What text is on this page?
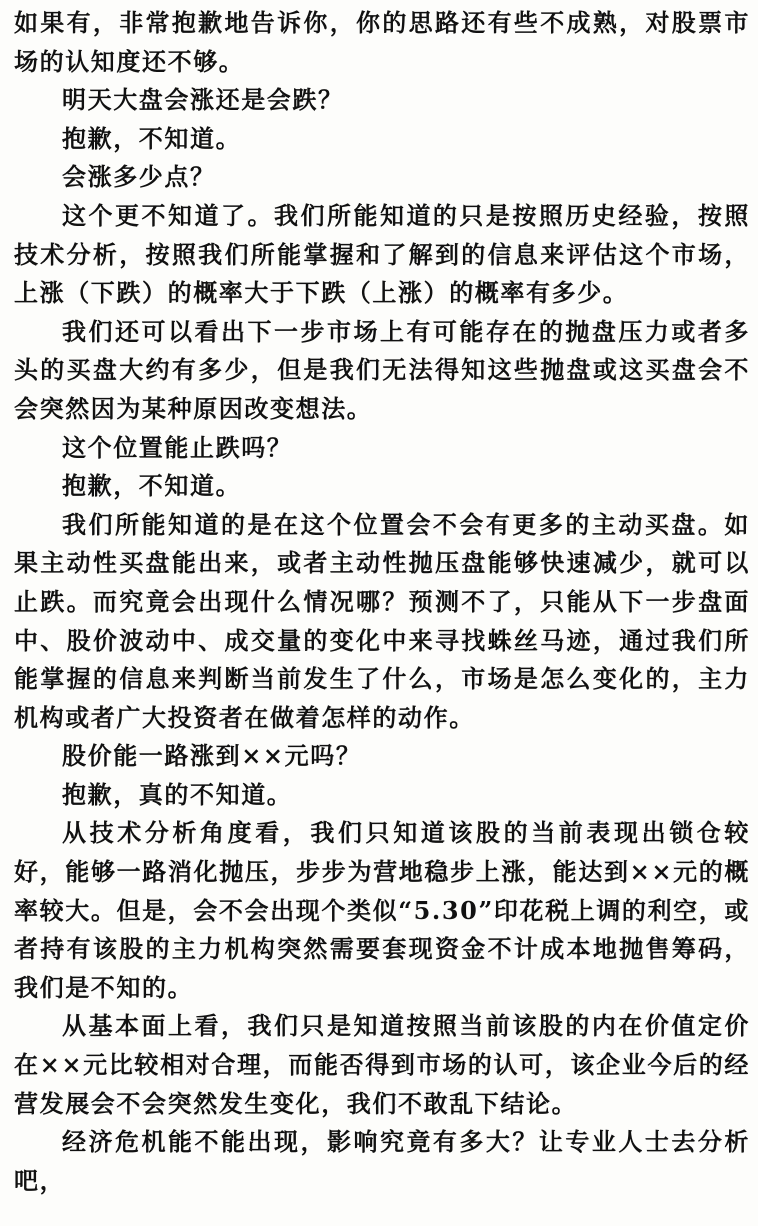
如果有，非常抱歉地告诉你，你的思路还有些不成熟，对股票市场的认知度还不够。

明天大盘会涨还是会跌？

抱歉，不知道。

会涨多少点？

这个更不知道了。我们所能知道的只是按照历史经验，按照技术分析，按照我们所能掌握和了解到的信息来评估这个市场，上涨（下跌）的概率大于下跌（上涨）的概率有多少。

我们还可以看出下一步市场上有可能存在的抛盘压力或者多头的买盘大约有多少，但是我们无法得知这些抛盘或这买盘会不会突然因为某种原因改变想法。

这个位置能止跌吗？

抱歉，不知道。

我们所能知道的是在这个位置会不会有更多的主动买盘。如果主动性买盘能出来，或者主动性抛压盘能够快速减少，就可以止跌。而究竟会出现什么情况哪？预测不了，只能从下一步盘面中、股价波动中、成交量的变化中来寻找蛛丝马迹，通过我们所能掌握的信息来判断当前发生了什么，市场是怎么变化的，主力机构或者广大投资者在做着怎样的动作。

股价能一路涨到××元吗？

抱歉，真的不知道。

从技术分析角度看，我们只知道该股的当前表现出锁仓较好，能够一路消化抛压，步步为营地稳步上涨，能达到××元的概率较大。但是，会不会出现个类似“5.30”印花税上调的利空，或者持有该股的主力机构突然需要套现资金不计成本地抛售筹码，我们是不知的。

从基本面上看，我们只是知道按照当前该股的内在价值定价在××元比较相对合理，而能否得到市场的认可，该企业今后的经营发展会不会突然发生变化，我们不敢乱下结论。

经济危机能不能出现，影响究竟有多大？让专业人士去分析吧，
